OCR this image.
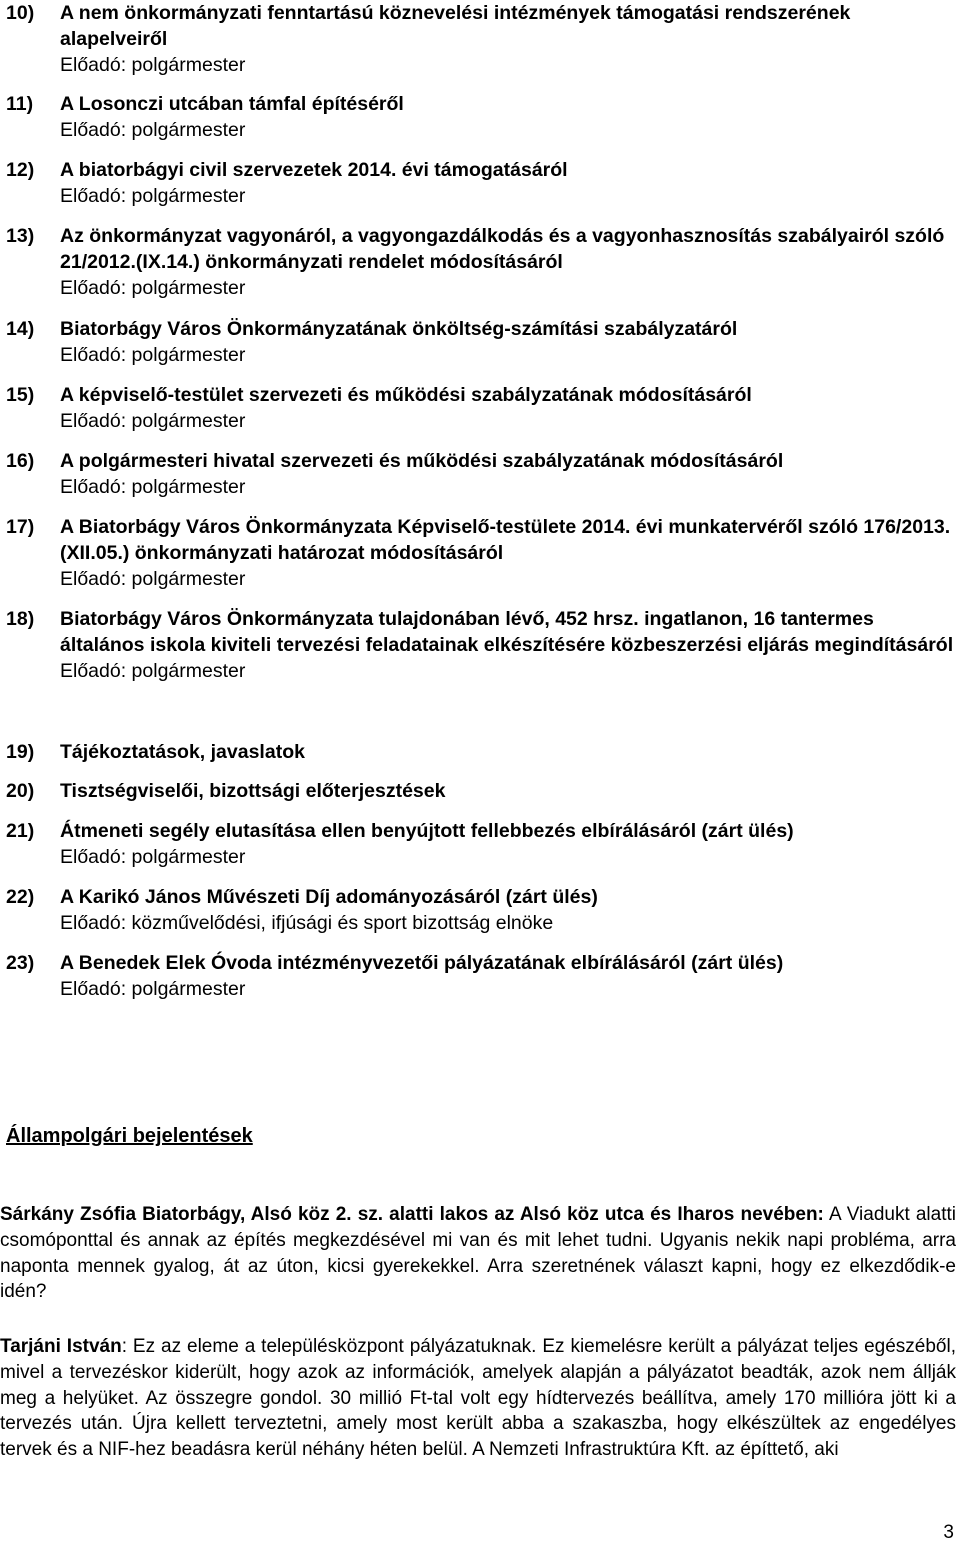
10) A nem önkormányzati fenntartású köznevelési intézmények támogatási rendszerének alapelveiről
Előadó: polgármester
11) A Losonczi utcában támfal építéséről
Előadó: polgármester
12) A biatorbágyi civil szervezetek 2014. évi támogatásáról
Előadó: polgármester
13) Az önkormányzat vagyonáról, a vagyongazdálkodás és a vagyonhasznosítás szabályairól szóló 21/2012.(IX.14.) önkormányzati rendelet módosításáról
Előadó: polgármester
14) Biatorbágy Város Önkormányzatának önköltség-számítási szabályzatáról
Előadó: polgármester
15) A képviselő-testület szervezeti és működési szabályzatának módosításáról
Előadó: polgármester
16) A polgármesteri hivatal szervezeti és működési szabályzatának módosításáról
Előadó: polgármester
17) A Biatorbágy Város Önkormányzata Képviselő-testülete 2014. évi munkatervéről szóló 176/2013. (XII.05.) önkormányzati határozat módosításáról
Előadó: polgármester
18) Biatorbágy Város Önkormányzata tulajdonában lévő, 452 hrsz. ingatlanon, 16 tantermes általános iskola kiviteli tervezési feladatainak elkészítésére közbeszerzési eljárás megindításáról
Előadó: polgármester
19) Tájékoztatások, javaslatok
20) Tisztségviselői, bizottsági előterjesztések
21) Átmeneti segély elutasítása ellen benyújtott fellebbezés elbírálásáról (zárt ülés)
Előadó: polgármester
22) A Karikó János Művészeti Díj adományozásáról (zárt ülés)
Előadó: közművelődési, ifjúsági és sport bizottság elnöke
23) A Benedek Elek Óvoda intézményvezetői pályázatának elbírálásáról (zárt ülés)
Előadó: polgármester
Állampolgári bejelentések

Sárkány Zsófia Biatorbágy, Alsó köz 2. sz. alatti lakos az Alsó köz utca és Iharos nevében: A Viadukt alatti csomóponttal és annak az építés megkezdésével mi van és mit lehet tudni. Ugyanis nekik napi probléma, arra naponta mennek gyalog, át az úton, kicsi gyerekekkel. Arra szeretnének választ kapni, hogy ez elkezdődik-e idén?

Tarjáni István: Ez az eleme a településközpont pályázatuknak. Ez kiemelésre került a pályázat teljes egészéből, mivel a tervezéskor kiderült, hogy azok az információk, amelyek alapján a pályázatot beadták, azok nem állják meg a helyüket. Az összegre gondol. 30 millió Ft-tal volt egy hídtervezés beállítva, amely 170 millióra jött ki a tervezés után. Újra kellett terveztetni, amely most került abba a szakaszba, hogy elkészültek az engedélyes tervek és a NIF-hez beadásra kerül néhány héten belül. A Nemzeti Infrastruktúra Kft. az építtető, aki

3
